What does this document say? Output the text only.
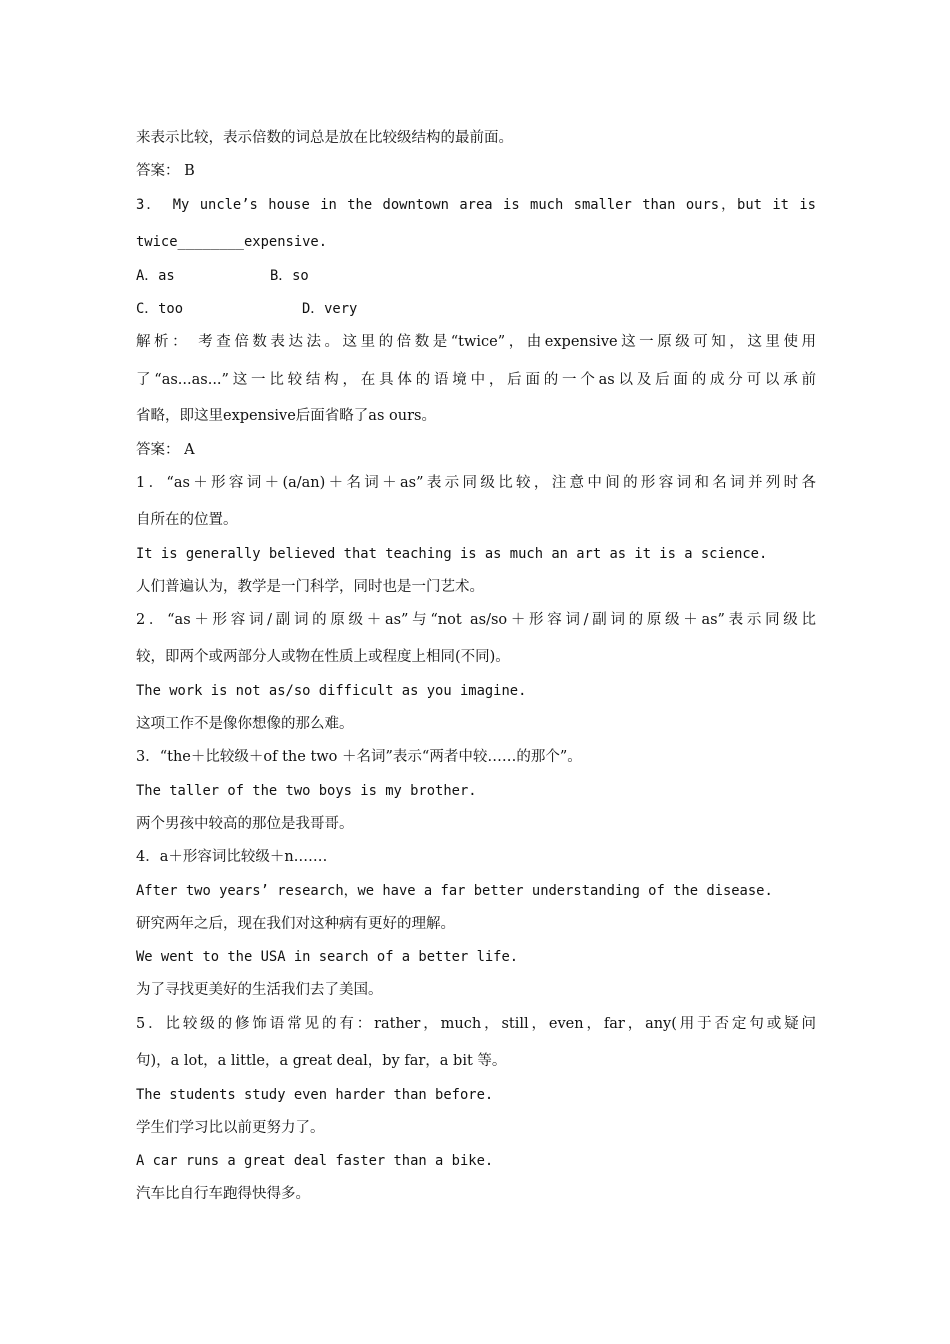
来表示比较，表示倍数的词总是放在比较级结构的最前面。
答案： B
3． My uncle’s house in the downtown area is much smaller than ours，but it is
twice________expensive.
A．as	B．so
C．too	D．very
解析： 考查倍数表达法。这里的倍数是“twice”，由expensive这一原级可知，这里使用
了“as...as...”这一比较结构，在具体的语境中，后面的一个as以及后面的成分可以承前
省略，即这里expensive后面省略了as ours。
答案： A
1．“as＋形容词＋(a/an)＋名词＋as”表示同级比较，注意中间的形容词和名词并列时各
自所在的位置。
It is generally believed that teaching is as much an art as it is a science.
人们普遍认为，教学是一门科学，同时也是一门艺术。
2．“as＋形容词/副词的原级＋as”与“not as/so＋形容词/副词的原级＋as”表示同级比
较，即两个或两部分人或物在性质上或程度上相同(不同)。
The work is not as/so difficult as you imagine.
这项工作不是像你想像的那么难。
3．“the＋比较级＋of the two ＋名词”表示“两者中较……的那个”。
The taller of the two boys is my brother.
两个男孩中较高的那位是我哥哥。
4．a＋形容词比较级＋n.……
After two years’ research，we have a far better understanding of the disease.
研究两年之后，现在我们对这种病有更好的理解。
We went to the USA in search of a better life.
为了寻找更美好的生活我们去了美国。
5．比较级的修饰语常见的有：rather，much，still，even，far，any(用于否定句或疑问
句)，a lot，a little，a great deal，by far，a bit 等。
The students study even harder than before.
学生们学习比以前更努力了。
A car runs a great deal faster than a bike.
汽车比自行车跑得快得多。
